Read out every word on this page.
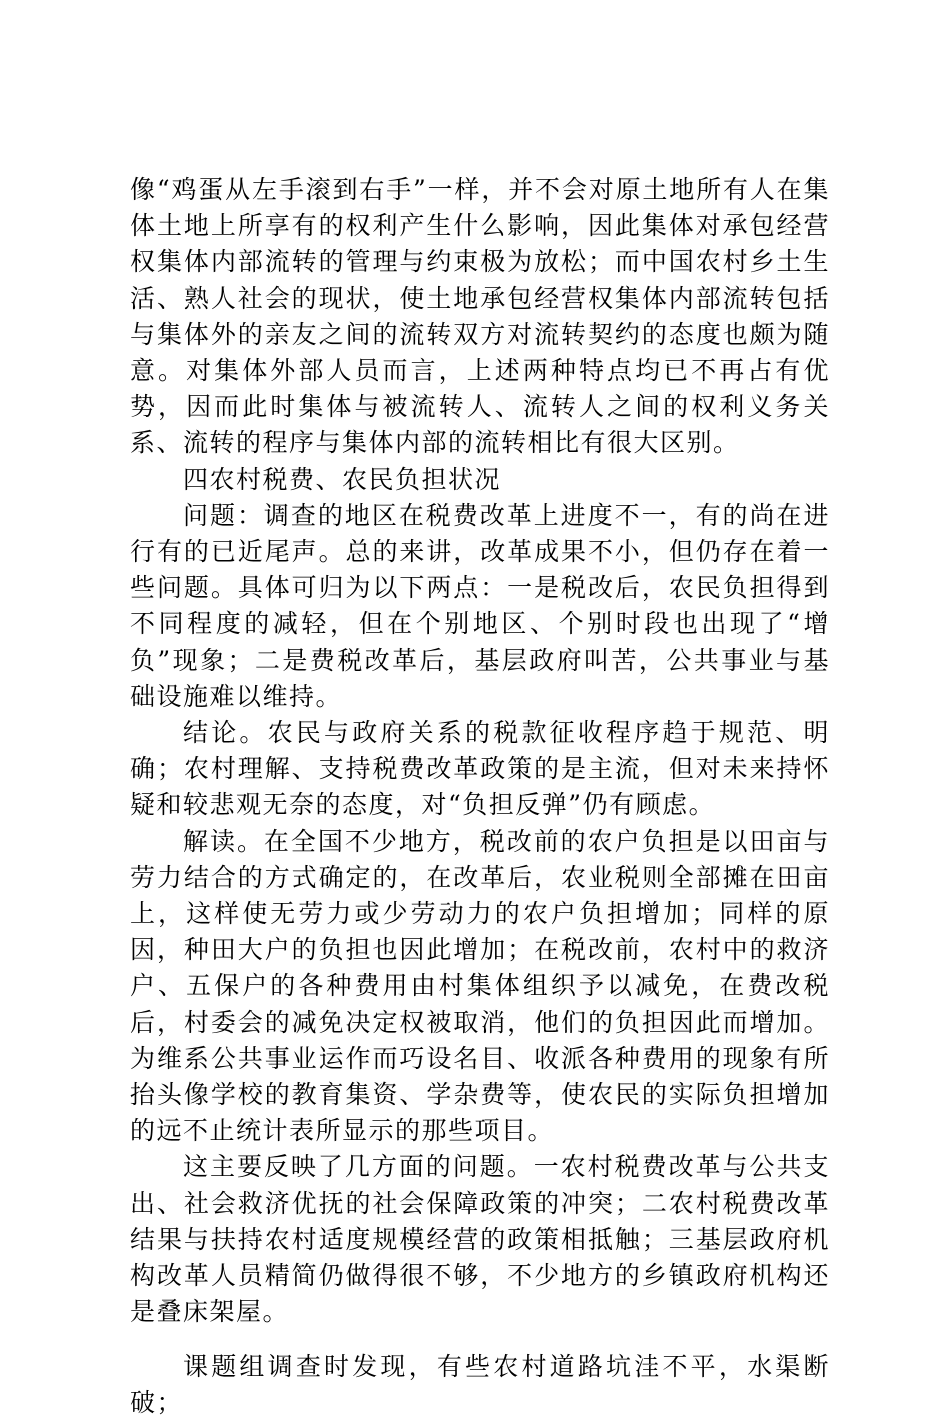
像“鸡蛋从左手滚到右手”一样，并不会对原土地所有人在集体土地上所享有的权利产生什么影响，因此集体对承包经营权集体内部流转的管理与约束极为放松；而中国农村乡土生活、熟人社会的现状，使土地承包经营权集体内部流转包括与集体外的亲友之间的流转双方对流转契约的态度也颇为随意。对集体外部人员而言，上述两种特点均已不再占有优势，因而此时集体与被流转人、流转人之间的权利义务关系、流转的程序与集体内部的流转相比有很大区别。

四农村税费、农民负担状况

问题：调查的地区在税费改革上进度不一，有的尚在进行有的已近尾声。总的来讲，改革成果不小，但仍存在着一些问题。具体可归为以下两点：一是税改后，农民负担得到不同程度的减轻，但在个别地区、个别时段也出现了“增负”现象；二是费税改革后，基层政府叫苦，公共事业与基础设施难以维持。

结论。农民与政府关系的税款征收程序趋于规范、明确；农村理解、支持税费改革政策的是主流，但对未来持怀疑和较悲观无奈的态度，对“负担反弹”仍有顾虑。

解读。在全国不少地方，税改前的农户负担是以田亩与劳力结合的方式确定的，在改革后，农业税则全部摊在田亩上，这样使无劳力或少劳动力的农户负担增加；同样的原因，种田大户的负担也因此增加；在税改前，农村中的救济户、五保户的各种费用由村集体组织予以减免，在费改税后，村委会的减免决定权被取消，他们的负担因此而增加。为维系公共事业运作而巧设名目、收派各种费用的现象有所抬头像学校的教育集资、学杂费等，使农民的实际负担增加的远不止统计表所显示的那些项目。

这主要反映了几方面的问题。一农村税费改革与公共支出、社会救济优抚的社会保障政策的冲突；二农村税费改革结果与扶持农村适度规模经营的政策相抵触；三基层政府机构改革人员精简仍做得很不够，不少地方的乡镇政府机构还是叠床架屋。

课题组调查时发现，有些农村道路坑洼不平，水渠断破；
